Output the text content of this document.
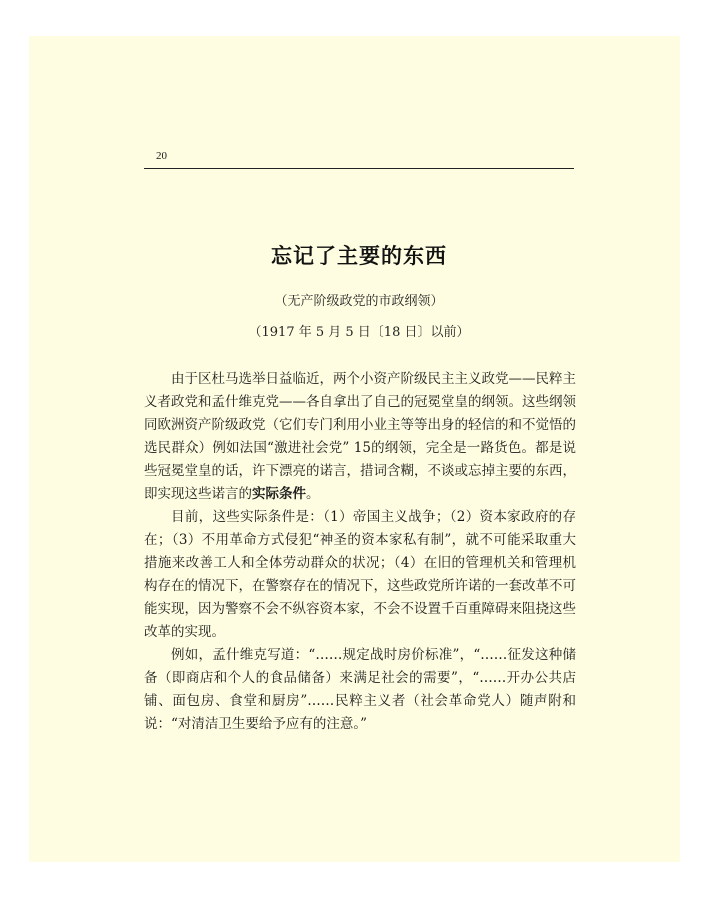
20
忘记了主要的东西
（无产阶级政党的市政纲领）
（1917 年 5 月 5 日〔18 日〕以前）

由于区杜马选举日益临近，两个小资产阶级民主主义政党——民粹主义者政党和孟什维克党——各自拿出了自己的冠冕堂皇的纲领。这些纲领同欧洲资产阶级政党（它们专门利用小业主等等出身的轻信的和不觉悟的选民群众）例如法国“激进社会党” 15的纲领，完全是一路货色。都是说些冠冕堂皇的话，许下漂亮的诺言，措词含糊，不谈或忘掉主要的东西，即实现这些诺言的实际条件。

目前，这些实际条件是：（1）帝国主义战争；（2）资本家政府的存在；（3）不用革命方式侵犯“神圣的资本家私有制”，就不可能采取重大措施来改善工人和全体劳动群众的状况；（4）在旧的管理机关和管理机构存在的情况下，在警察存在的情况下，这些政党所许诺的一套改革不可能实现，因为警察不会不纵容资本家，不会不设置千百重障碍来阻挠这些改革的实现。

例如，孟什维克写道：“……规定战时房价标准”，“……征发这种储备（即商店和个人的食品储备）来满足社会的需要”，“……开办公共店铺、面包房、食堂和厨房”……民粹主义者（社会革命党人）随声附和说：“对清洁卫生要给予应有的注意。”
